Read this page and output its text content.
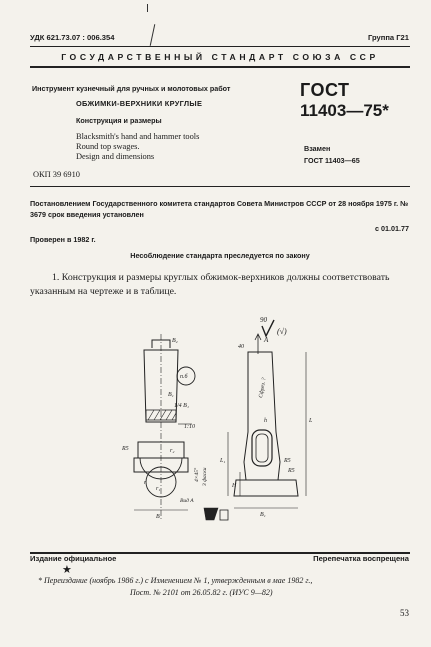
УДК 621.73.07 : 006.354	Группа Г21
ГОСУДАРСТВЕННЫЙ СТАНДАРТ СОЮЗА ССР
Инструмент кузнечный для ручных и молотовых работ
ОБЖИМКИ-ВЕРХНИКИ КРУГЛЫЕ
Конструкция и размеры
Blacksmith's hand and hammer tools
Round top swages.
Design and dimensions
ГОСТ
11403—75*
Взамен
ГОСТ 11403—65
ОКП 39 6910
Постановлением Государственного комитета стандартов Совета Министров СССР от 28 ноября 1975 г. № 3679 срок введения установлен
с 01.01.77
Проверен в 1982 г.
Несоблюдение стандарта преследуется по закону
1. Конструкция и размеры круглых обжимок-верхников должны соответствовать указанным на чертеже и в таблице.
90
(√)
B₂
B₁
1/4 B₁
1:10
R5	r₂
r
r₁
B
4×45° 3 фаски
п.б
Вид А
40
A
B₁
Сфрез. ?
L
L₁
H
h
R5
R5
Издание официальное	Перепечатка воспрещена
★
* Переиздание (ноябрь 1986 г.) с Изменением № 1, утвержденным в мае 1982 г.,
Пост. № 2101 от 26.05.82 г. (ИУС 9—82)
53
